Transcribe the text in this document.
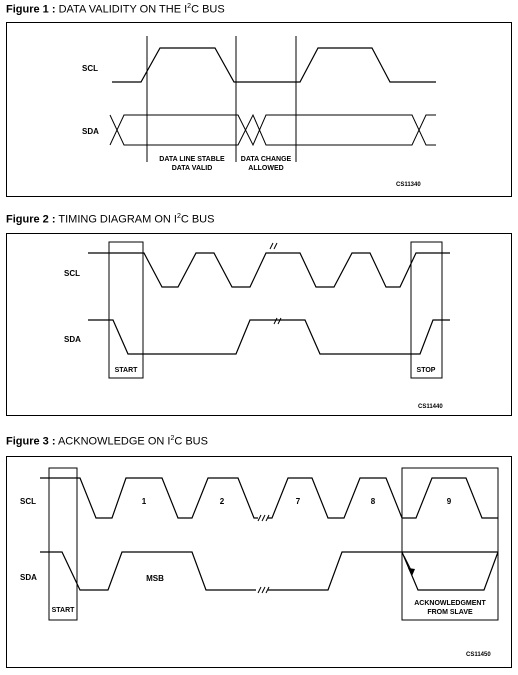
Figure 1 : DATA VALIDITY ON THE $I^2C$ BUS
SCL
SDA
DATA LINE STABLE
DATA VALID
DATA CHANGE
ALLOWED
CS11340
Figure 2 : TIMING DIAGRAM ON $I^2C$ BUS
SCL
SDA
START	STOP
CS11440
Figure 3 : ACKNOWLEDGE ON $I^2C$ BUS
SCL
SDA
1	2	7	8	9
MSB
START
ACKNOWLEDGMENT
FROM SLAVE
CS11450
